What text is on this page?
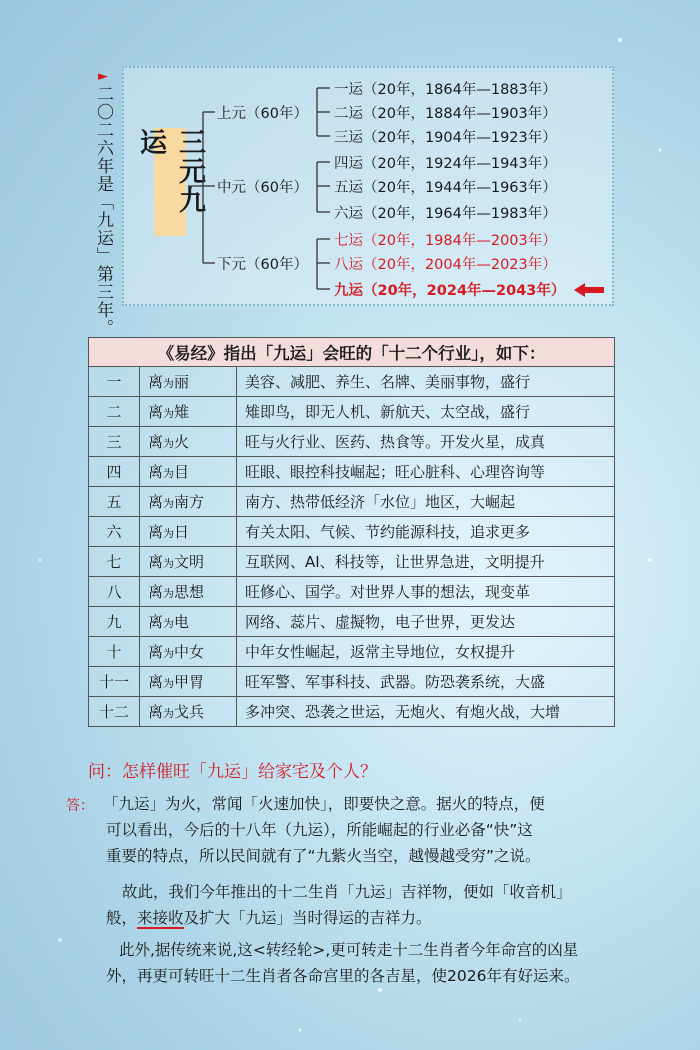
►
二〇二六年是「九运」第三年。	三元九运
上元（60年）
中元（60年）
下元（60年）
一运（20年，1864年—1883年）
二运（20年，1884年—1903年）
三运（20年，1904年—1923年）
四运（20年，1924年—1943年）
五运（20年，1944年—1963年）
六运（20年，1964年—1983年）
七运（20年，1984年—2003年）
八运（20年，2004年—2023年）
九运（20年，2024年—2043年）
《易经》指出「九运」会旺的「十二个行业」，如下：
一	离为丽	美容、减肥、养生、名牌、美丽事物，盛行
二	离为雉	雉即鸟，即无人机、新航天、太空战，盛行
三	离为火	旺与火行业、医药、热食等。开发火星，成真
四	离为目	旺眼、眼控科技崛起；旺心脏科、心理咨询等
五	离为南方	南方、热带低经济「水位」地区，大崛起
六	离为日	有关太阳、气候、节约能源科技，追求更多
七	离为文明	互联网、AI、科技等，让世界急进，文明提升
八	离为思想	旺修心、国学。对世界人事的想法，现变革
九	离为电	网络、蕊片、虚擬物，电子世界，更发达
十	离为中女	中年女性崛起，返常主导地位，女权提升
十一	离为甲胃	旺军警、军事科技、武器。防恐袭系统，大盛
十二	离为戈兵	多冲突、恐袭之世运，无炮火、有炮火战，大增
问：怎样催旺「九运」给家宅及个人？
答： 「九运」为火，常闻「火速加快」，即要快之意。据火的特点，便
可以看出，今后的十八年（九运），所能崛起的行业必备“快”这
重要的特点，所以民间就有了“九紫火当空，越慢越受穷”之说。
故此，我们今年推出的十二生肖「九运」吉祥物，便如「收音机」
般，来接收及扩大「九运」当时得运的吉祥力。
此外,据传统来说,这<转经轮>,更可转走十二生肖者今年命宫的凶星
外，再更可转旺十二生肖者各命宫里的各吉星，使2026年有好运来。
